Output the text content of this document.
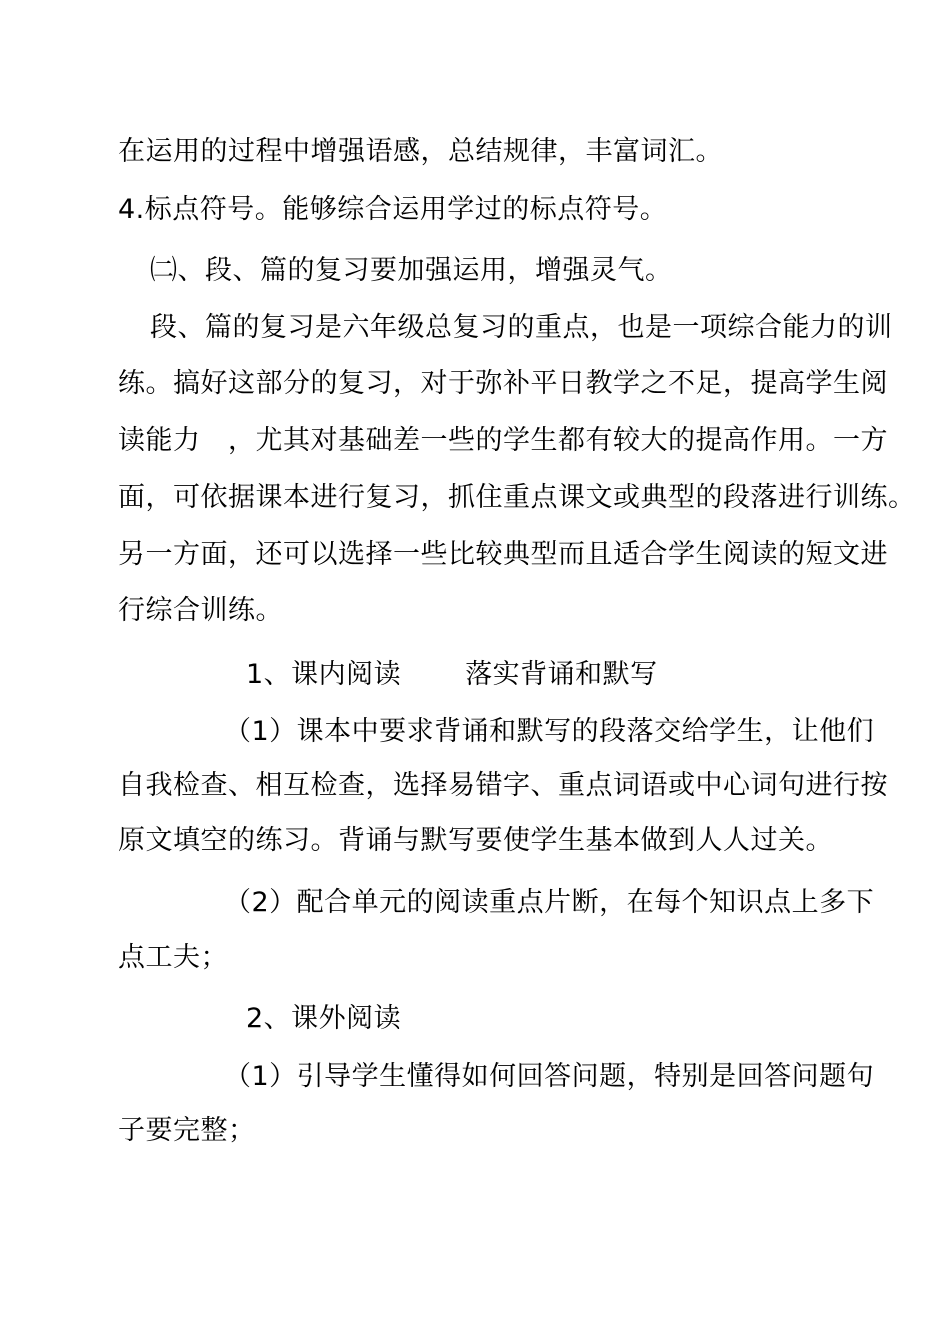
在运用的过程中增强语感，总结规律，丰富词汇。
4.标点符号。能够综合运用学过的标点符号。
㈡、段、篇的复习要加强运用，增强灵气。
段、篇的复习是六年级总复习的重点，也是一项综合能力的训
练。搞好这部分的复习，对于弥补平日教学之不足，提高学生阅
读能力　，尤其对基础差一些的学生都有较大的提高作用。一方
面，可依据课本进行复习，抓住重点课文或典型的段落进行训练。
另一方面，还可以选择一些比较典型而且适合学生阅读的短文进
行综合训练。
1、课内阅读 落实背诵和默写
（1）课本中要求背诵和默写的段落交给学生，让他们
自我检查、相互检查，选择易错字、重点词语或中心词句进行按
原文填空的练习。背诵与默写要使学生基本做到人人过关。
（2）配合单元的阅读重点片断，在每个知识点上多下
点工夫；
2、课外阅读
（1）引导学生懂得如何回答问题，特别是回答问题句
子要完整；
